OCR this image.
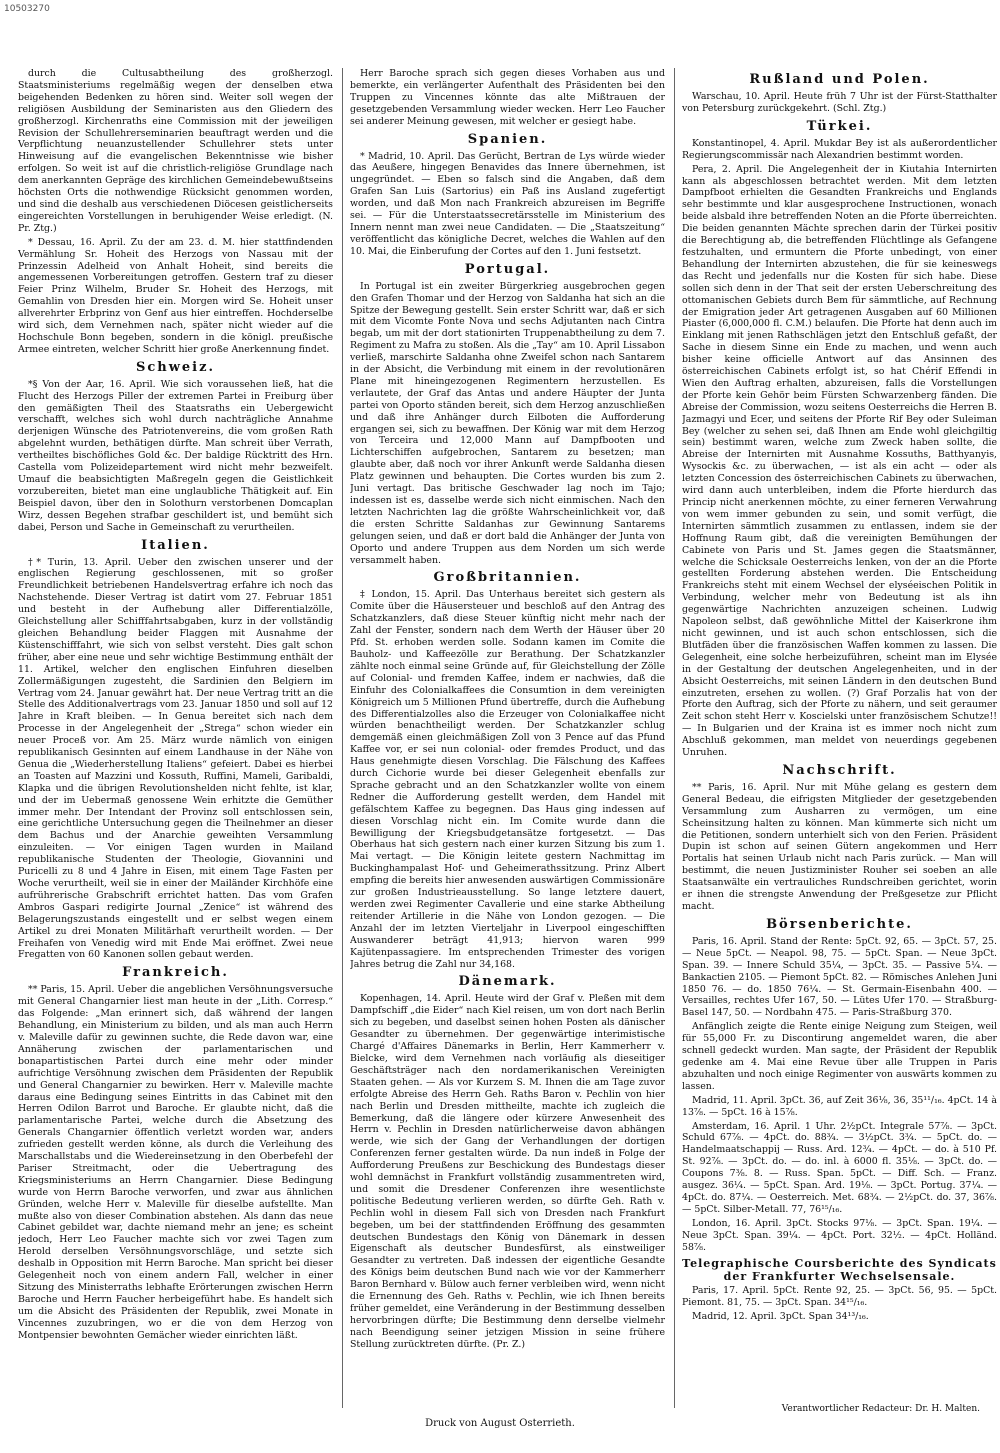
10503270

durch die Cultusabtheilung des großherzogl. Staatsministeriums regelmäßig wegen der denselben etwa beigehenden Bedenken zu hören sind. Weiter soll wegen der religiösen Ausbildung der Seminaristen aus den Gliedern des großherzogl. Kirchenraths eine Commission mit der jeweiligen Revision der Schullehrerseminarien beauftragt werden und die Verpflichtung neuanzustellender Schullehrer stets unter Hinweisung auf die evangelischen Bekenntnisse wie bisher erfolgen. So weit ist auf die christlich-religiöse Grundlage nach dem anerkannten Gepräge des kirchlichen Gemeindebewußtseins höchsten Orts die nothwendige Rücksicht genommen worden, und sind die deshalb aus verschiedenen Diöcesen geistlicherseits eingereichten Vorstellungen in beruhigender Weise erledigt. (N. Pr. Ztg.)

* Dessau, 16. April. Zu der am 23. d. M. hier stattfindenden Vermählung Sr. Hoheit des Herzogs von Nassau mit der Prinzessin Adelheid von Anhalt Hoheit, sind bereits die angemessenen Vorbereitungen getroffen. Gestern traf zu dieser Feier Prinz Wilhelm, Bruder Sr. Hoheit des Herzogs, mit Gemahlin von Dresden hier ein. Morgen wird Se. Hoheit unser allverehrter Erbprinz von Genf aus hier eintreffen. Hochderselbe wird sich, dem Vernehmen nach, später nicht wieder auf die Hochschule Bonn begeben, sondern in die königl. preußische Armee eintreten, welcher Schritt hier große Anerkennung findet.

Schweiz.

*§ Von der Aar, 16. April. Wie sich voraussehen ließ, hat die Flucht des Herzogs Piller der extremen Partei in Freiburg über den gemäßigten Theil des Staatsraths ein Uebergewicht verschafft, welches sich wohl durch nachträgliche Annahme derjenigen Wünsche des Patriotenvereins, die vom großen Rath abgelehnt wurden, bethätigen dürfte. Man schreit über Verrath, vertheiltes bischöfliches Gold &c. Der baldige Rücktritt des Hrn. Castella vom Polizeidepartement wird nicht mehr bezweifelt. Umauf die beabsichtigten Maßregeln gegen die Geistlichkeit vorzubereiten, bietet man eine unglaubliche Thätigkeit auf. Ein Beispiel davon, über den in Solothurn verstorbenen Domcaplan Wirz, dessen Begehen strafbar geschildert ist, und bemüht sich dabei, Person und Sache in Gemeinschaft zu verurtheilen.

Italien.

†* Turin, 13. April. Ueber den zwischen unserer und der englischen Regierung geschlossenen, mit so großer Freundlichkeit betriebenen Handelsvertrag erfahre ich noch das Nachstehende. Dieser Vertrag ist datirt vom 27. Februar 1851 und besteht in der Aufhebung aller Differentialzölle, Gleichstellung aller Schifffahrtsabgaben, kurz in der vollständig gleichen Behandlung beider Flaggen mit Ausnahme der Küstenschifffahrt, wie sich von selbst versteht. Dies galt schon früher, aber eine neue und sehr wichtige Bestimmung enthält der 11. Artikel, welcher den englischen Einfuhren dieselben Zollermäßigungen zugesteht, die Sardinien den Belgiern im Vertrag vom 24. Januar gewährt hat. Der neue Vertrag tritt an die Stelle des Additionalvertrags vom 23. Januar 1850 und soll auf 12 Jahre in Kraft bleiben. — In Genua bereitet sich nach dem Processe in der Angelegenheit der „Strega“ schon wieder ein neuer Proceß vor. Am 25. März wurde nämlich von einigen republikanisch Gesinnten auf einem Landhause in der Nähe von Genua die „Wiederherstellung Italiens“ gefeiert. Dabei es hierbei an Toasten auf Mazzini und Kossuth, Ruffini, Mameli, Garibaldi, Klapka und die übrigen Revolutionshelden nicht fehlte, ist klar, und der im Uebermaß genossene Wein erhitzte die Gemüther immer mehr. Der Intendant der Provinz soll entschlossen sein, eine gerichtliche Untersuchung gegen die Theilnehmer an dieser dem Bachus und der Anarchie geweihten Versammlung einzuleiten. — Vor einigen Tagen wurden in Mailand republikanische Studenten der Theologie, Giovannini und Puricelli zu 8 und 4 Jahre in Eisen, mit einem Tage Fasten per Woche verurtheilt, weil sie in einer der Mailänder Kirchhöfe eine aufrührerische Grabschrift errichtet hatten. Das vom Grafen Ambros Gaspari redigirte Journal „Zenice“ ist während des Belagerungszustands eingestellt und er selbst wegen einem Artikel zu drei Monaten Militärhaft verurtheilt worden. — Der Freihafen von Venedig wird mit Ende Mai eröffnet. Zwei neue Fregatten von 60 Kanonen sollen gebaut werden.

Frankreich.

** Paris, 15. April. Ueber die angeblichen Versöhnungsversuche mit General Changarnier liest man heute in der „Lith. Corresp.“ das Folgende: „Man erinnert sich, daß während der langen Behandlung, ein Ministerium zu bilden, und als man auch Herrn v. Maleville dafür zu gewinnen suchte, die Rede davon war, eine Annäherung zwischen der parlamentarischen und bonapartistischen Partei durch eine mehr oder minder aufrichtige Versöhnung zwischen dem Präsidenten der Republik und General Changarnier zu bewirken. Herr v. Maleville machte daraus eine Bedingung seines Eintritts in das Cabinet mit den Herren Odilon Barrot und Baroche. Er glaubte nicht, daß die parlamentarische Partei, welche durch die Absetzung des Generals Changarnier öffentlich verletzt worden war, anders zufrieden gestellt werden könne, als durch die Verleihung des Marschallstabs und die Wiedereinsetzung in den Oberbefehl der Pariser Streitmacht, oder die Uebertragung des Kriegsministeriums an Herrn Changarnier. Diese Bedingung wurde von Herrn Baroche verworfen, und zwar aus ähnlichen Gründen, welche Herr v. Maleville für dieselbe aufstellte. Man mußte also von dieser Combination abstehen. Als dann das neue Cabinet gebildet war, dachte niemand mehr an jene; es scheint jedoch, Herr Leo Faucher machte sich vor zwei Tagen zum Herold derselben Versöhnungsvorschläge, und setzte sich deshalb in Opposition mit Herrn Baroche. Man spricht bei dieser Gelegenheit noch von einem andern Fall, welcher in einer Sitzung des Ministerraths lebhafte Erörterungen zwischen Herrn Baroche und Herrn Faucher herbeigeführt habe. Es handelt sich um die Absicht des Präsidenten der Republik, zwei Monate in Vincennes zuzubringen, wo er die von dem Herzog von Montpensier bewohnten Gemächer wieder einrichten läßt.

Herr Baroche sprach sich gegen dieses Vorhaben aus und bemerkte, ein verlängerter Aufenthalt des Präsidenten bei den Truppen zu Vincennes könnte das alte Mißtrauen der gesetzgebenden Versammlung wieder wecken. Herr Leo Faucher sei anderer Meinung gewesen, mit welcher er gesiegt habe.

Spanien.

* Madrid, 10. April. Das Gerücht, Bertran de Lys würde wieder das Aeußere, hingegen Benavides das Innere übernehmen, ist ungegründet. — Eben so falsch sind die Angaben, daß dem Grafen San Luis (Sartorius) ein Paß ins Ausland zugefertigt worden, und daß Mon nach Frankreich abzureisen im Begriffe sei. — Für die Unterstaatssecretärsstelle im Ministerium des Innern nennt man zwei neue Candidaten. — Die „Staatszeitung“ veröffentlicht das königliche Decret, welches die Wahlen auf den 10. Mai, die Einberufung der Cortes auf den 1. Juni festsetzt.

Portugal.

In Portugal ist ein zweiter Bürgerkrieg ausgebrochen gegen den Grafen Thomar und der Herzog von Saldanha hat sich an die Spitze der Bewegung gestellt. Sein erster Schritt war, daß er sich mit dem Vicomte Fonte Nova und sechs Adjutanten nach Cintra begab, um mit der dort stationirten Truppenabtheilung zu dem 7. Regiment zu Mafra zu stoßen. Als die „Tay“ am 10. April Lissabon verließ, marschirte Saldanha ohne Zweifel schon nach Santarem in der Absicht, die Verbindung mit einem in der revolutionären Plane mit hineingezogenen Regimentern herzustellen. Es verlautete, der Graf das Antas und andere Häupter der Junta partei von Oporto ständen bereit, sich dem Herzog anzuschließen und daß ihre Anhänger durch Eilboten die Aufforderung ergangen sei, sich zu bewaffnen. Der König war mit dem Herzog von Terceira und 12,000 Mann auf Dampfbooten und Lichterschiffen aufgebrochen, Santarem zu besetzen; man glaubte aber, daß noch vor ihrer Ankunft werde Saldanha diesen Platz gewinnen und behaupten. Die Cortes wurden bis zum 2. Juni vertagt. Das britische Geschwader lag noch im Tajo; indessen ist es, dasselbe werde sich nicht einmischen. Nach den letzten Nachrichten lag die größte Wahrscheinlichkeit vor, daß die ersten Schritte Saldanhas zur Gewinnung Santarems gelungen seien, und daß er dort bald die Anhänger der Junta von Oporto und andere Truppen aus dem Norden um sich werde versammelt haben.

Großbritannien.

‡ London, 15. April. Das Unterhaus bereitet sich gestern als Comite über die Häusersteuer und beschloß auf den Antrag des Schatzkanzlers, daß diese Steuer künftig nicht mehr nach der Zahl der Fenster, sondern nach dem Werth der Häuser über 20 Pfd. St. erhoben werden solle. Sodann kamen im Comite die Bauholz- und Kaffeezölle zur Berathung. Der Schatzkanzler zählte noch einmal seine Gründe auf, für Gleichstellung der Zölle auf Colonial- und fremden Kaffee, indem er nachwies, daß die Einfuhr des Colonialkaffees die Consumtion in dem vereinigten Königreich um 5 Millionen Pfund übertreffe, durch die Aufhebung des Differentialzolles also die Erzeuger von Colonialkaffee nicht würden benachtheiligt werden. Der Schatzkanzler schlug demgemäß einen gleichmäßigen Zoll von 3 Pence auf das Pfund Kaffee vor, er sei nun colonial- oder fremdes Product, und das Haus genehmigte diesen Vorschlag. Die Fälschung des Kaffees durch Cichorie wurde bei dieser Gelegenheit ebenfalls zur Sprache gebracht und an den Schatzkanzler wollte von einem Redner die Aufforderung gestellt werden, dem Handel mit gefälschtem Kaffee zu begegnen. Das Haus ging indessen auf diesen Vorschlag nicht ein. Im Comite wurde dann die Bewilligung der Kriegsbudgetansätze fortgesetzt. — Das Oberhaus hat sich gestern nach einer kurzen Sitzung bis zum 1. Mai vertagt. — Die Königin leitete gestern Nachmittag im Buckinghampalast Hof- und Geheimerathssitzung. Prinz Albert empfing die bereits hier anwesenden auswärtigen Commissionäre zur großen Industrieausstellung. So lange letztere dauert, werden zwei Regimenter Cavallerie und eine starke Abtheilung reitender Artillerie in die Nähe von London gezogen. — Die Anzahl der im letzten Vierteljahr in Liverpool eingeschifften Auswanderer beträgt 41,913; hiervon waren 999 Kajütenpassagiere. Im entsprechenden Trimester des vorigen Jahres betrug die Zahl nur 34,168.

Dänemark.

Kopenhagen, 14. April. Heute wird der Graf v. Pleßen mit dem Dampfschiff „die Eider“ nach Kiel reisen, um von dort nach Berlin sich zu begeben, und daselbst seinen hohen Posten als dänischer Gesandter zu übernehmen. Der gegenwärtige interimistische Chargé d'Affaires Dänemarks in Berlin, Herr Kammerherr v. Bielcke, wird dem Vernehmen nach vorläufig als dieseitiger Geschäftsträger nach den nordamerikanischen Vereinigten Staaten gehen. — Als vor Kurzem S. M. Ihnen die am Tage zuvor erfolgte Abreise des Herrn Geh. Raths Baron v. Pechlin von hier nach Berlin und Dresden mittheilte, machte ich zugleich die Bemerkung, daß die längere oder kürzere Anwesenheit des Herrn v. Pechlin in Dresden natürlicherweise davon abhängen werde, wie sich der Gang der Verhandlungen der dortigen Conferenzen ferner gestalten würde. Da nun indeß in Folge der Aufforderung Preußens zur Beschickung des Bundestags dieser wohl demnächst in Frankfurt vollständig zusammentreten wird, und somit die Dresdener Conferenzen ihre wesentlichste politische Bedeutung verlieren werden, so dürfte Geh. Rath v. Pechlin wohl in diesem Fall sich von Dresden nach Frankfurt begeben, um bei der stattfindenden Eröffnung des gesammten deutschen Bundestags den König von Dänemark in dessen Eigenschaft als deutscher Bundesfürst, als einstweiliger Gesandter zu vertreten. Daß indessen der eigentliche Gesandte des Königs beim deutschen Bund nach wie vor der Kammerherr Baron Bernhard v. Bülow auch ferner verbleiben wird, wenn nicht die Ernennung des Geh. Raths v. Pechlin, wie ich Ihnen bereits früher gemeldet, eine Veränderung in der Bestimmung desselben hervorbringen dürfte; Die Bestimmung denn derselbe vielmehr nach Beendigung seiner jetzigen Mission in seine frühere Stellung zurücktreten dürfte. (Pr. Z.)

Rußland und Polen.

Warschau, 10. April. Heute früh 7 Uhr ist der Fürst-Statthalter von Petersburg zurückgekehrt. (Schl. Ztg.)

Türkei.

Konstantinopel, 4. April. Mukdar Bey ist als außerordentlicher Regierungscommissär nach Alexandrien bestimmt worden.

Pera, 2. April. Die Angelegenheit der in Kiutahia Internirten kann als abgeschlossen betrachtet werden. Mit dem letzten Dampfboot erhielten die Gesandten Frankreichs und Englands sehr bestimmte und klar ausgesprochene Instructionen, wonach beide alsbald ihre betreffenden Noten an die Pforte überreichten. Die beiden genannten Mächte sprechen darin der Türkei positiv die Berechtigung ab, die betreffenden Flüchtlinge als Gefangene festzuhalten, und ermuntern die Pforte unbedingt, von einer Behandlung der Internirten abzustehen, die für sie keineswegs das Recht und jedenfalls nur die Kosten für sich habe. Diese sollen sich denn in der That seit der ersten Ueberschreitung des ottomanischen Gebiets durch Bem für sämmtliche, auf Rechnung der Emigration jeder Art getragenen Ausgaben auf 60 Millionen Piaster (6,000,000 fl. C.M.) belaufen. Die Pforte hat denn auch im Einklang mit jenen Rathschlägen jetzt den Entschluß gefaßt, der Sache in diesem Sinne ein Ende zu machen, und wenn auch bisher keine officielle Antwort auf das Ansinnen des österreichischen Cabinets erfolgt ist, so hat Chérif Effendi in Wien den Auftrag erhalten, abzureisen, falls die Vorstellungen der Pforte kein Gehör beim Fürsten Schwarzenberg fänden. Die Abreise der Commission, wozu seitens Oesterreichs die Herren B. Jazmagyi und Ecer, und seitens der Pforte Rif Bey oder Suleiman Bey (welcher zu sehen sei, daß Ihnen am Ende wohl gleichgiltig sein) bestimmt waren, welche zum Zweck haben sollte, die Abreise der Internirten mit Ausnahme Kossuths, Batthyanyis, Wysockis &c. zu überwachen, — ist als ein acht — oder als letzten Concession des österreichischen Cabinets zu überwachen, wird dann auch unterbleiben, indem die Pforte hierdurch das Princip nicht anerkennen möchte, zu einer ferneren Verwahrung von wem immer gebunden zu sein, und somit verfügt, die Internirten sämmtlich zusammen zu entlassen, indem sie der Hoffnung Raum gibt, daß die vereinigten Bemühungen der Cabinete von Paris und St. James gegen die Staatsmänner, welche die Schicksale Oesterreichs lenken, von der an die Pforte gestellten Forderung abstehen werden. Die Entscheidung Frankreichs steht mit einem Wechsel der elyséeischen Politik in Verbindung, welcher mehr von Bedeutung ist als ihn gegenwärtige Nachrichten anzuzeigen scheinen. Ludwig Napoleon selbst, daß gewöhnliche Mittel der Kaiserkrone ihm nicht gewinnen, und ist auch schon entschlossen, sich die Blutfäden über die französischen Waffen kommen zu lassen. Die Gelegenheit, eine solche herbeizuführen, scheint man im Elysée in der Gestaltung der deutschen Angelegenheiten, und in der Absicht Oesterreichs, mit seinen Ländern in den deutschen Bund einzutreten, ersehen zu wollen. (?) Graf Porzalis hat von der Pforte den Auftrag, sich der Pforte zu nähern, und seit geraumer Zeit schon steht Herr v. Koscielski unter französischem Schutze!! — In Bulgarien und der Kraina ist es immer noch nicht zum Abschluß gekommen, man meldet von neuerdings gegebenen Unruhen.

Nachschrift.

** Paris, 16. April. Nur mit Mühe gelang es gestern dem General Bedeau, die eifrigsten Mitglieder der gesetzgebenden Versammlung zum Ausharren zu vermögen, um eine Scheinsitzung halten zu können. Man kümmerte sich nicht um die Petitionen, sondern unterhielt sich von den Ferien. Präsident Dupin ist schon auf seinen Gütern angekommen und Herr Portalis hat seinen Urlaub nicht nach Paris zurück. — Man will bestimmt, die neuen Justizminister Rouher sei soeben an alle Staatsanwälte ein vertrauliches Rundschreiben gerichtet, worin er ihnen die strengste Anwendung der Preßgesetze zur Pflicht macht.

Börsenberichte.

Paris, 16. April. Stand der Rente: 5pCt. 92, 65. — 3pCt. 57, 25. — Neue 5pCt. — Neapol. 98, 75. — 5pCt. Span. — Neue 3pCt. Span. 39. — Innere Schuld 35¼, — 3pCt. 35. — Passive 5¼. — Bankactien 2105. — Piemont 5pCt. 82. — Römisches Anlehen Juni 1850 76. — do. 1850 76¼. — St. Germain-Eisenbahn 400. — Versailles, rechtes Ufer 167, 50. — Lütes Ufer 170. — Straßburg-Basel 147, 50. — Nordbahn 475. — Paris-Straßburg 370.

Anfänglich zeigte die Rente einige Neigung zum Steigen, weil für 55,000 Fr. zu Discontirung angemeldet waren, die aber schnell gedeckt wurden. Man sagte, der Präsident der Republik gedenke am 4. Mai eine Revue über alle Truppen in Paris abzuhalten und noch einige Regimenter von auswärts kommen zu lassen.

Madrid, 11. April. 3pCt. 36, auf Zeit 36⅛, 36, 35¹¹/₁₆. 4pCt. 14 à 13⅞. — 5pCt. 16 à 15⅞.

Amsterdam, 16. April. 1 Uhr. 2½pCt. Integrale 57⅞. — 3pCt. Schuld 67⅞. — 4pCt. do. 88¾. — 3½pCt. 3¾. — 5pCt. do. — Handelmaatschappij — Russ. Ard. 12¾. — 4pCt. — do. à 510 Pf. St. 92⅞. — 3pCt. do. — do. inl. à 6000 fl. 35⅛. — 3pCt. do. — Coupons 7⅜. 8. — Russ. Span. 5pCt. — Diff. Sch. — Franz. ausgez. 36¼. — 5pCt. Span. Ard. 19⅛. — 3pCt. Portug. 37¼. — 4pCt. do. 87¼. — Oesterreich. Met. 68¾. — 2½pCt. do. 37, 36⅞. — 5pCt. Silber-Metall. 77, 76¹⁵/₁₆.

London, 16. April. 3pCt. Stocks 97⅛. — 3pCt. Span. 19¼. — Neue 3pCt. Span. 39¼. — 4pCt. Port. 32½. — 4pCt. Holländ. 58⅞.

Telegraphische Coursberichte des Syndicats der Frankfurter Wechselsensale.

Paris, 17. April. 5pCt. Rente 92, 25. — 3pCt. 56, 95. — 5pCt. Piemont. 81, 75. — 3pCt. Span. 34¹⁵/₁₆.

Madrid, 12. April. 3pCt. Span 34¹³/₁₆.

Verantwortlicher Redacteur: Dr. H. Malten.
Druck von August Osterrieth.
